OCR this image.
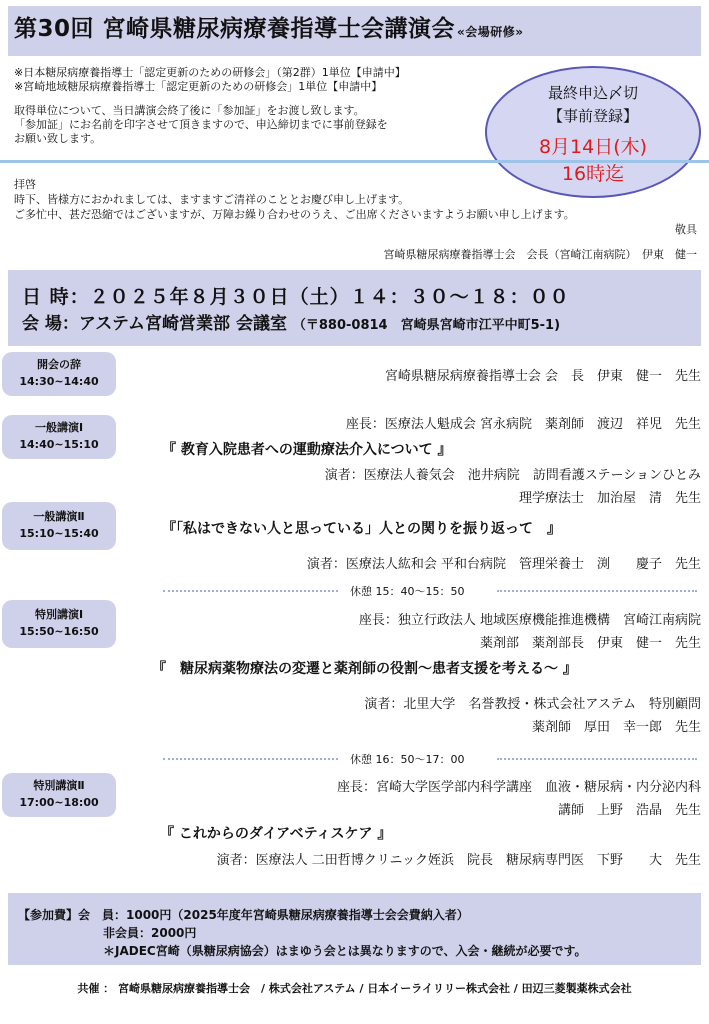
第30回 宮崎県糖尿病療養指導士会講演会 «会場研修»
※日本糖尿病療養指導士「認定更新のための研修会」（第2群）1単位【申請中】
※宮崎地域糖尿病療養指導士「認定更新のための研修会」1単位【申請中】
取得単位について、当日講演会終了後に「参加証」をお渡し致します。
「参加証」にお名前を印字させて頂きますので、申込締切までに事前登録を
お願い致します。
最終申込〆切
【事前登録】
8月14日(木)
16時迄
拝啓
時下、皆様方におかれましては、ますますご清祥のこととお慶び申し上げます。
ご多忙中、甚だ恐縮ではございますが、万障お繰り合わせのうえ、ご出席くださいますようお願い申し上げます。
敬具
宮崎県糖尿病療養指導士会　会長（宮崎江南病院）　伊東　健一
日 時：２０２５年８月３０日（土）１４：３０〜１８：００
会 場：アステム宮崎営業部 会議室 （〒880-0814　宮崎県宮崎市江平中町5-1)
開会の辞
14:30~14:40	宮崎県糖尿病療養指導士会 会　長　伊東　健一　先生
一般講演Ⅰ
14:40~15:10
座長：医療法人魁成会 宮永病院　薬剤師　渡辺　祥児　先生
『 教育入院患者への運動療法介入について 』
演者：医療法人養気会　池井病院　訪問看護ステーションひとみ
理学療法士　加治屋　清　先生
一般講演Ⅱ
15:10~15:40	『「私はできない人と思っている」人との関りを振り返って　』
演者：医療法人紘和会 平和台病院　管理栄養士　渕　　慶子　先生
休憩 15：40〜15：50
特別講演Ⅰ
15:50~16:50
座長：独立行政法人 地域医療機能推進機構　宮崎江南病院
薬剤部　薬剤部長　伊東　健一　先生
『　糖尿病薬物療法の変遷と薬剤師の役割〜患者支援を考える〜 』
演者：北里大学　名誉教授・株式会社アステム　特別顧問
薬剤師　厚田　幸一郎　先生
休憩 16：50〜17：00
特別講演Ⅱ
17:00~18:00
座長：宮崎大学医学部内科学講座　血液・糖尿病・内分泌内科
講師　上野　浩晶　先生
『 これからのダイアベティスケア 』
演者：医療法人 二田哲博クリニック姪浜　院長　糖尿病専門医　下野　　大　先生
【参加費】会　員：1000円（2025年度年宮崎県糖尿病療養指導士会会費納入者）
非会員：2000円
＊JADEC宮崎（県糖尿病協会）はまゆう会とは異なりますので、入会・継続が必要です。
共催 ： 宮崎県糖尿病療養指導士会　/ 株式会社アステム / 日本イーライリリー株式会社 / 田辺三菱製薬株式会社
